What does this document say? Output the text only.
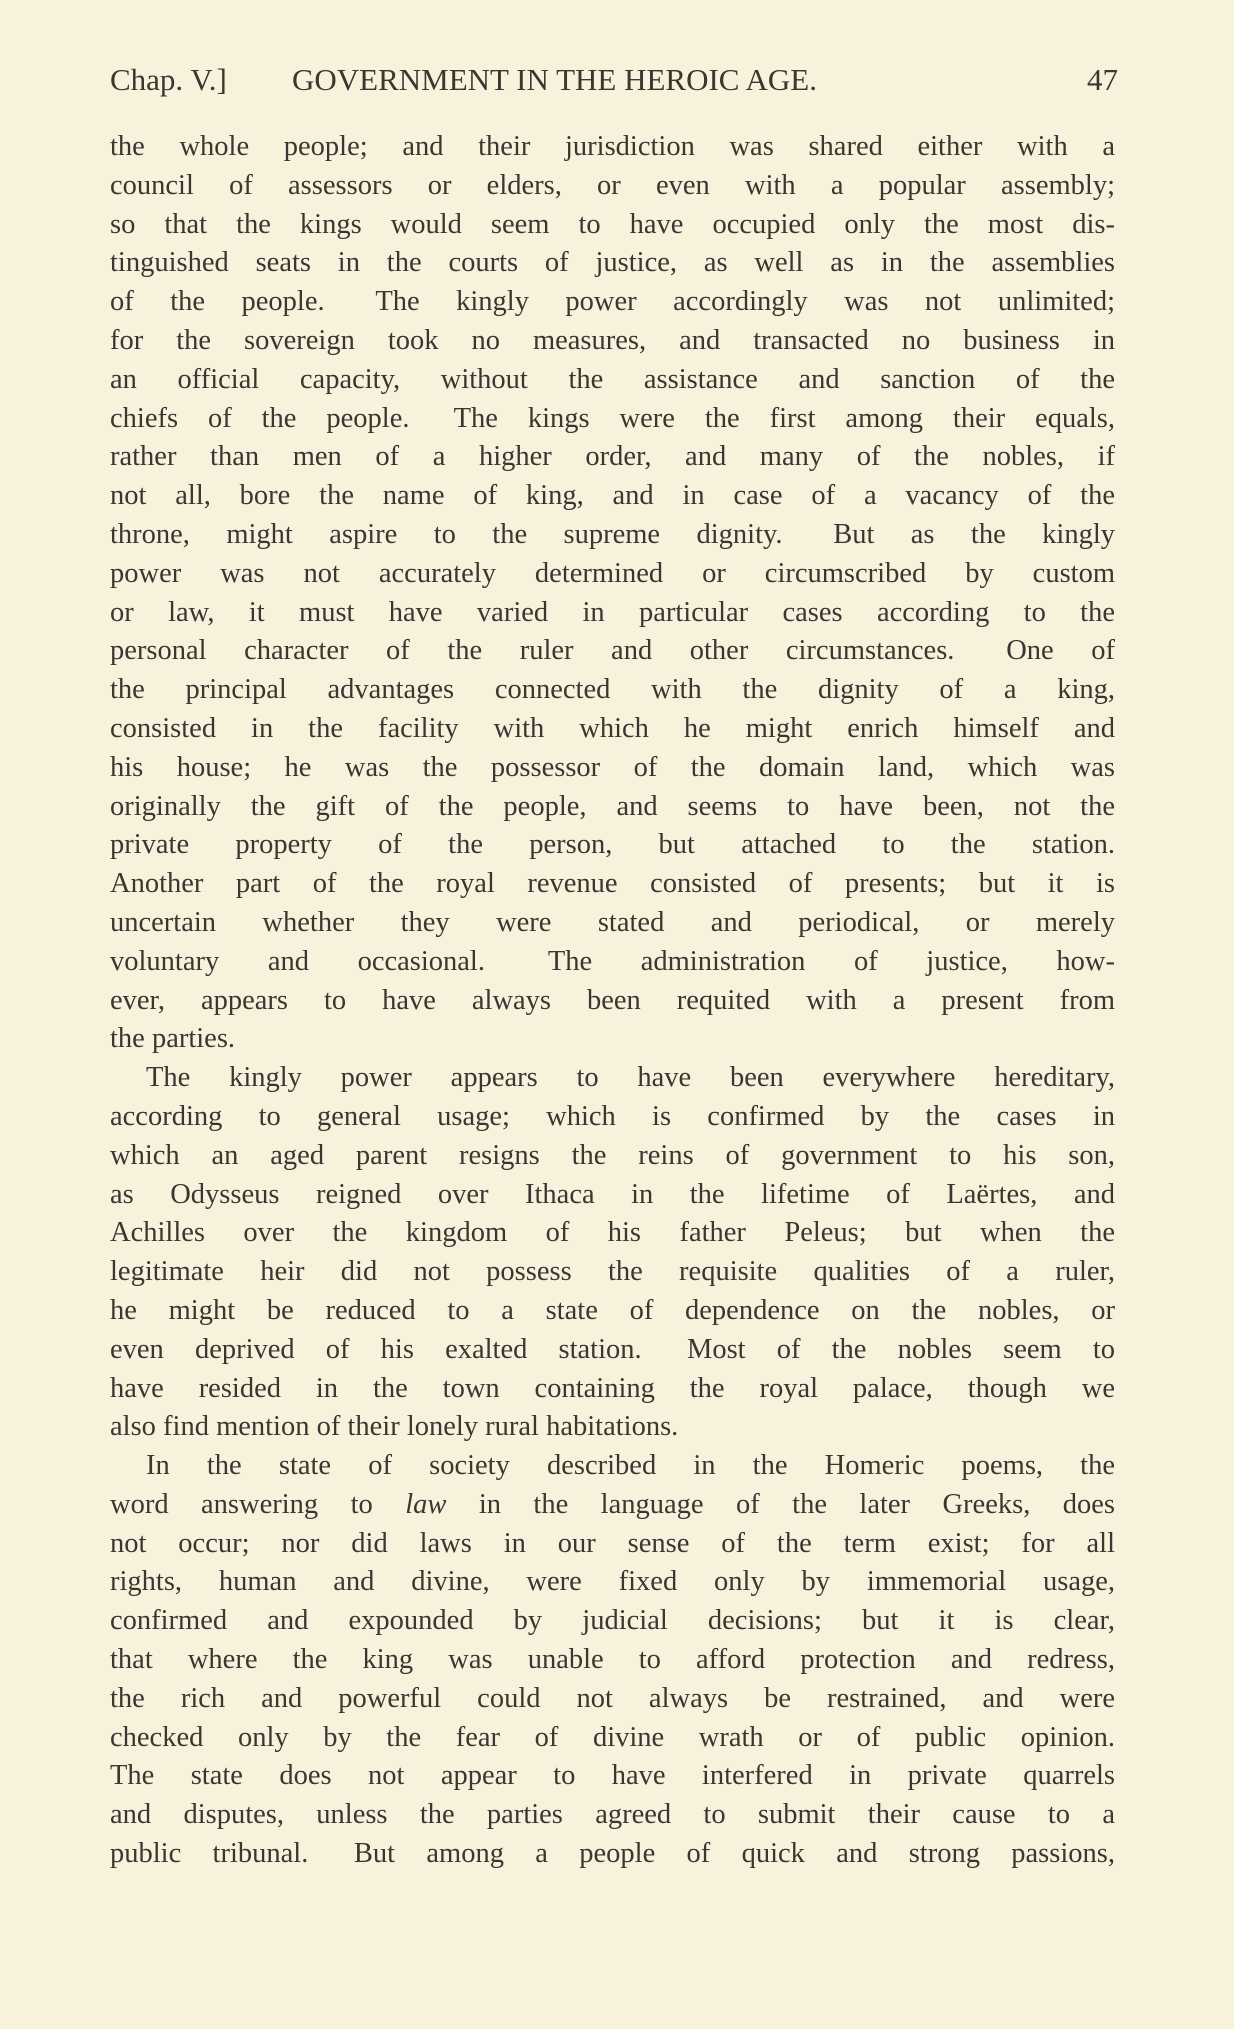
Chap. V.] GOVERNMENT IN THE HEROIC AGE.	47
the whole people; and their jurisdiction was shared either with a
council of assessors or elders, or even with a popular assembly;
so that the kings would seem to have occupied only the most dis-
tinguished seats in the courts of justice, as well as in the assemblies
of the people.  The kingly power accordingly was not unlimited;
for the sovereign took no measures, and transacted no business in
an official capacity, without the assistance and sanction of the
chiefs of the people.  The kings were the first among their equals,
rather than men of a higher order, and many of the nobles, if
not all, bore the name of king, and in case of a vacancy of the
throne, might aspire to the supreme dignity.  But as the kingly
power was not accurately determined or circumscribed by custom
or law, it must have varied in particular cases according to the
personal character of the ruler and other circumstances.  One of
the principal advantages connected with the dignity of a king,
consisted in the facility with which he might enrich himself and
his house; he was the possessor of the domain land, which was
originally the gift of the people, and seems to have been, not the
private property of the person, but attached to the station.
Another part of the royal revenue consisted of presents; but it is
uncertain whether they were stated and periodical, or merely
voluntary and occasional.  The administration of justice, how-
ever, appears to have always been requited with a present from
the parties.
The kingly power appears to have been everywhere hereditary,
according to general usage; which is confirmed by the cases in
which an aged parent resigns the reins of government to his son,
as Odysseus reigned over Ithaca in the lifetime of Laërtes, and
Achilles over the kingdom of his father Peleus; but when the
legitimate heir did not possess the requisite qualities of a ruler,
he might be reduced to a state of dependence on the nobles, or
even deprived of his exalted station.  Most of the nobles seem to
have resided in the town containing the royal palace, though we
also find mention of their lonely rural habitations.
In the state of society described in the Homeric poems, the
word answering to law in the language of the later Greeks, does
not occur; nor did laws in our sense of the term exist; for all
rights, human and divine, were fixed only by immemorial usage,
confirmed and expounded by judicial decisions; but it is clear,
that where the king was unable to afford protection and redress,
the rich and powerful could not always be restrained, and were
checked only by the fear of divine wrath or of public opinion.
The state does not appear to have interfered in private quarrels
and disputes, unless the parties agreed to submit their cause to a
public tribunal.  But among a people of quick and strong passions,
